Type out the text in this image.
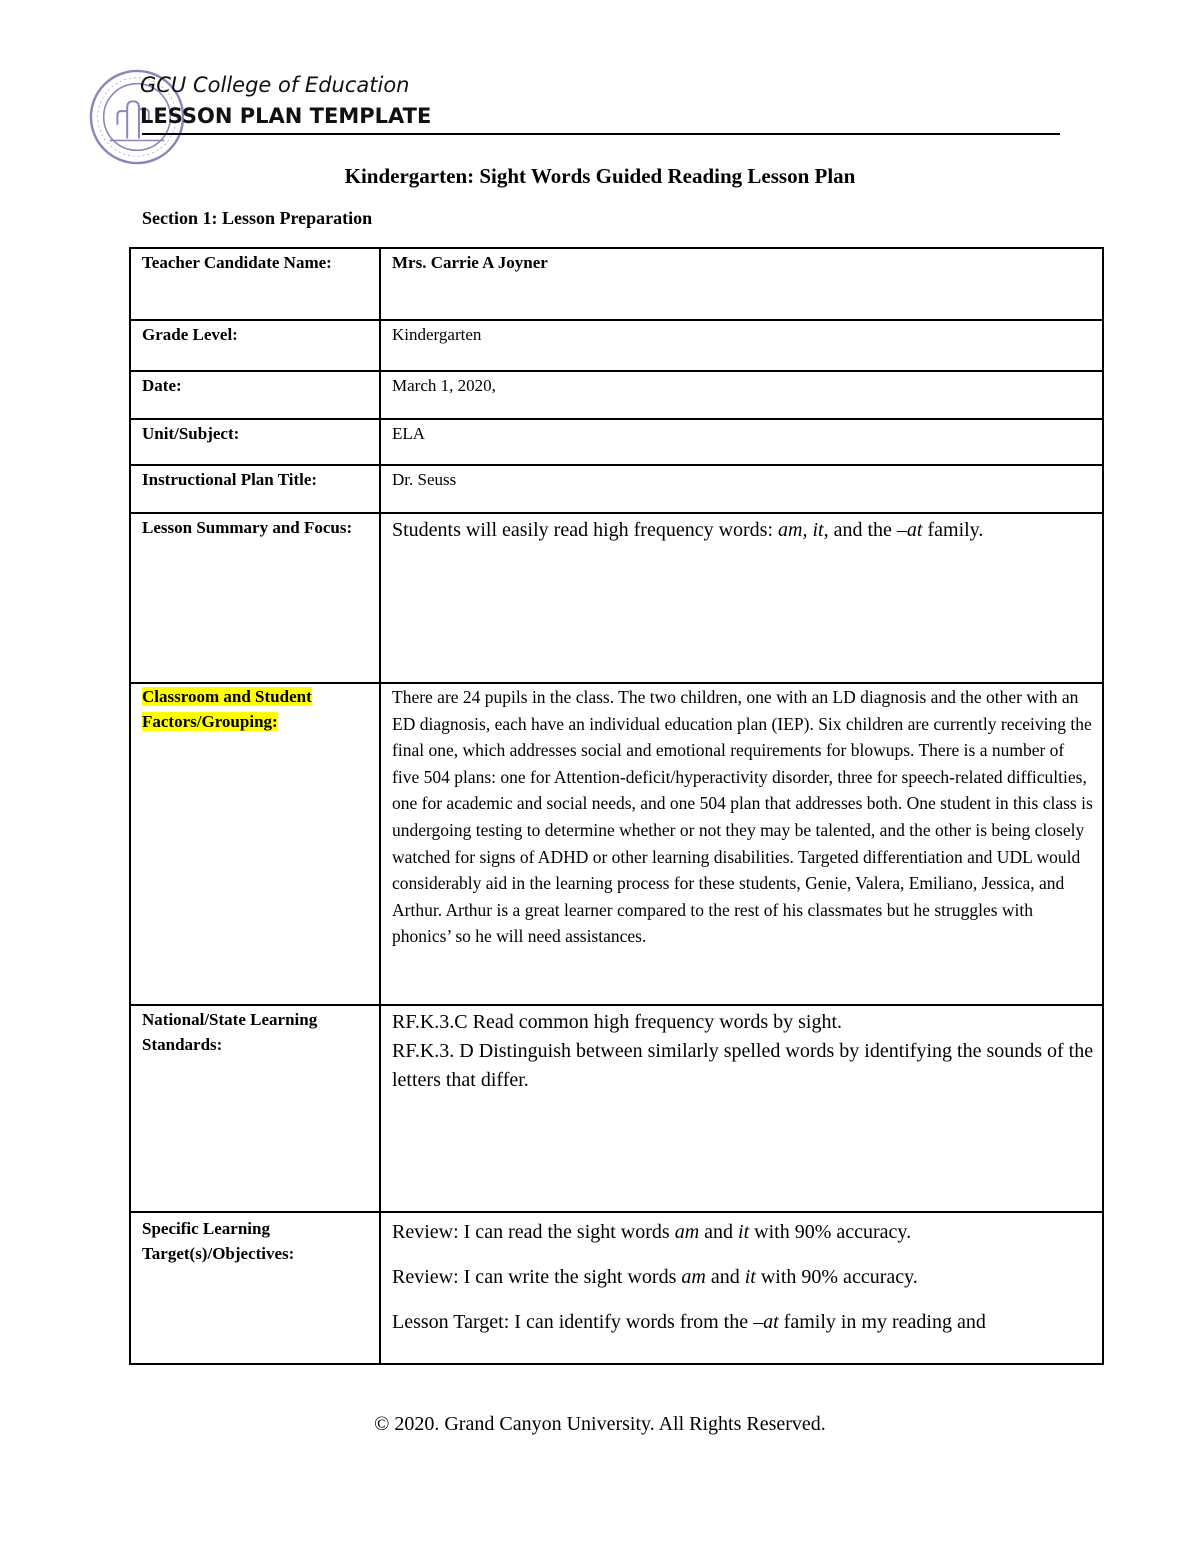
GCU College of Education
LESSON PLAN TEMPLATE
Kindergarten: Sight Words Guided Reading Lesson Plan
Section 1: Lesson Preparation
Teacher Candidate Name:	Mrs. Carrie A Joyner

Grade Level:	Kindergarten

Date:	March 1, 2020,

Unit/Subject:	ELA

Instructional Plan Title:	Dr. Seuss

Lesson Summary and Focus:	Students will easily read high frequency words: am, it, and the –at family.

Classroom and Student Factors/Grouping:	There are 24 pupils in the class. The two children, one with an LD diagnosis and the other with an ED diagnosis, each have an individual education plan (IEP). Six children are currently receiving the final one, which addresses social and emotional requirements for blowups. There is a number of five 504 plans: one for Attention-deficit/hyperactivity disorder, three for speech-related difficulties, one for academic and social needs, and one 504 plan that addresses both. One student in this class is undergoing testing to determine whether or not they may be talented, and the other is being closely watched for signs of ADHD or other learning disabilities. Targeted differentiation and UDL would considerably aid in the learning process for these students, Genie, Valera, Emiliano, Jessica, and Arthur. Arthur is a great learner compared to the rest of his classmates but he struggles with phonics’ so he will need assistances.

National/State Learning Standards:	RF.K.3.C Read common high frequency words by sight.
RF.K.3. D Distinguish between similarly spelled words by identifying the sounds of the letters that differ.

Specific Learning Target(s)/Objectives:	Review: I can read the sight words am and it with 90% accuracy.

Review: I can write the sight words am and it with 90% accuracy.

Lesson Target: I can identify words from the –at family in my reading and

© 2020. Grand Canyon University. All Rights Reserved.
